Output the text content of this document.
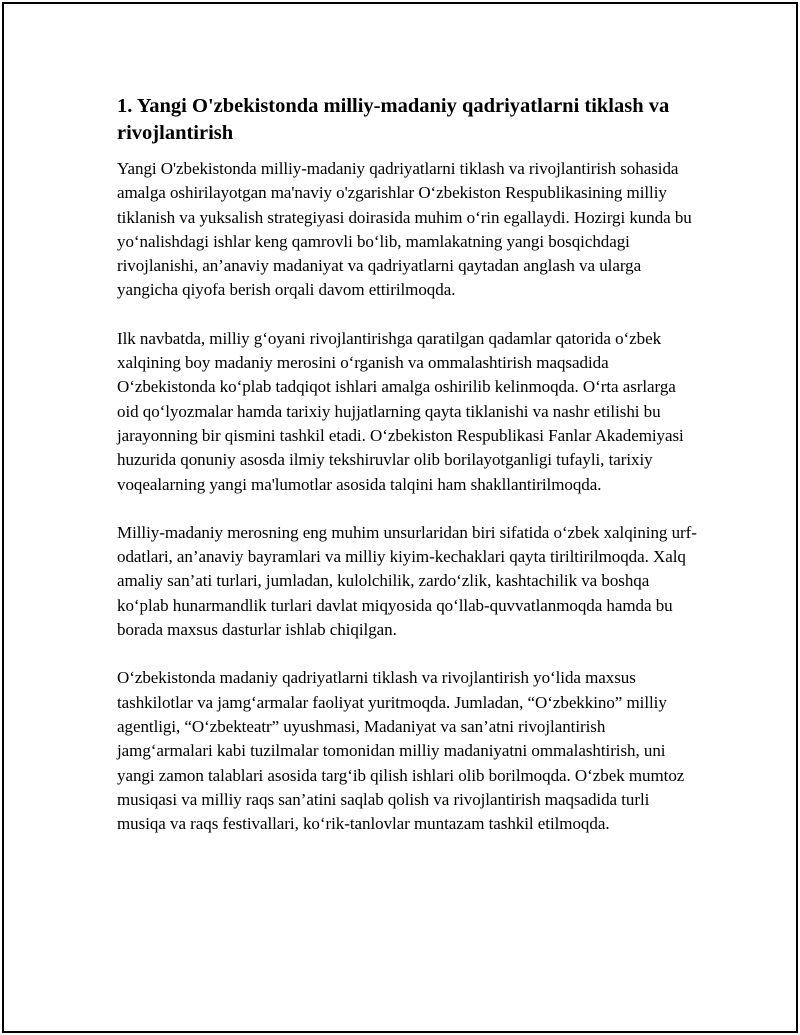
1. Yangi O'zbekistonda milliy-madaniy qadriyatlarni tiklash va rivojlantirish

Yangi O'zbekistonda milliy-madaniy qadriyatlarni tiklash va rivojlantirish sohasida amalga oshirilayotgan ma'naviy o'zgarishlar O‘zbekiston Respublikasining milliy tiklanish va yuksalish strategiyasi doirasida muhim o‘rin egallaydi. Hozirgi kunda bu yo‘nalishdagi ishlar keng qamrovli bo‘lib, mamlakatning yangi bosqichdagi rivojlanishi, an’anaviy madaniyat va qadriyatlarni qaytadan anglash va ularga yangicha qiyofa berish orqali davom ettirilmoqda.

Ilk navbatda, milliy g‘oyani rivojlantirishga qaratilgan qadamlar qatorida o‘zbek xalqining boy madaniy merosini o‘rganish va ommalashtirish maqsadida O‘zbekistonda ko‘plab tadqiqot ishlari amalga oshirilib kelinmoqda. O‘rta asrlarga oid qo‘lyozmalar hamda tarixiy hujjatlarning qayta tiklanishi va nashr etilishi bu jarayonning bir qismini tashkil etadi. O‘zbekiston Respublikasi Fanlar Akademiyasi huzurida qonuniy asosda ilmiy tekshiruvlar olib borilayotganligi tufayli, tarixiy voqealarning yangi ma'lumotlar asosida talqini ham shakllantirilmoqda.

Milliy-madaniy merosning eng muhim unsurlaridan biri sifatida o‘zbek xalqining urf-odatlari, an’anaviy bayramlari va milliy kiyim-kechaklari qayta tiriltirilmoqda. Xalq amaliy san’ati turlari, jumladan, kulolchilik, zardo‘zlik, kashtachilik va boshqa ko‘plab hunarmandlik turlari davlat miqyosida qo‘llab-quvvatlanmoqda hamda bu borada maxsus dasturlar ishlab chiqilgan.

O‘zbekistonda madaniy qadriyatlarni tiklash va rivojlantirish yo‘lida maxsus tashkilotlar va jamg‘armalar faoliyat yuritmoqda. Jumladan, “O‘zbekkino” milliy agentligi, “O‘zbekteatr” uyushmasi, Madaniyat va san’atni rivojlantirish jamg‘armalari kabi tuzilmalar tomonidan milliy madaniyatni ommalashtirish, uni yangi zamon talablari asosida targ‘ib qilish ishlari olib borilmoqda. O‘zbek mumtoz musiqasi va milliy raqs san’atini saqlab qolish va rivojlantirish maqsadida turli musiqa va raqs festivallari, ko‘rik-tanlovlar muntazam tashkil etilmoqda.
